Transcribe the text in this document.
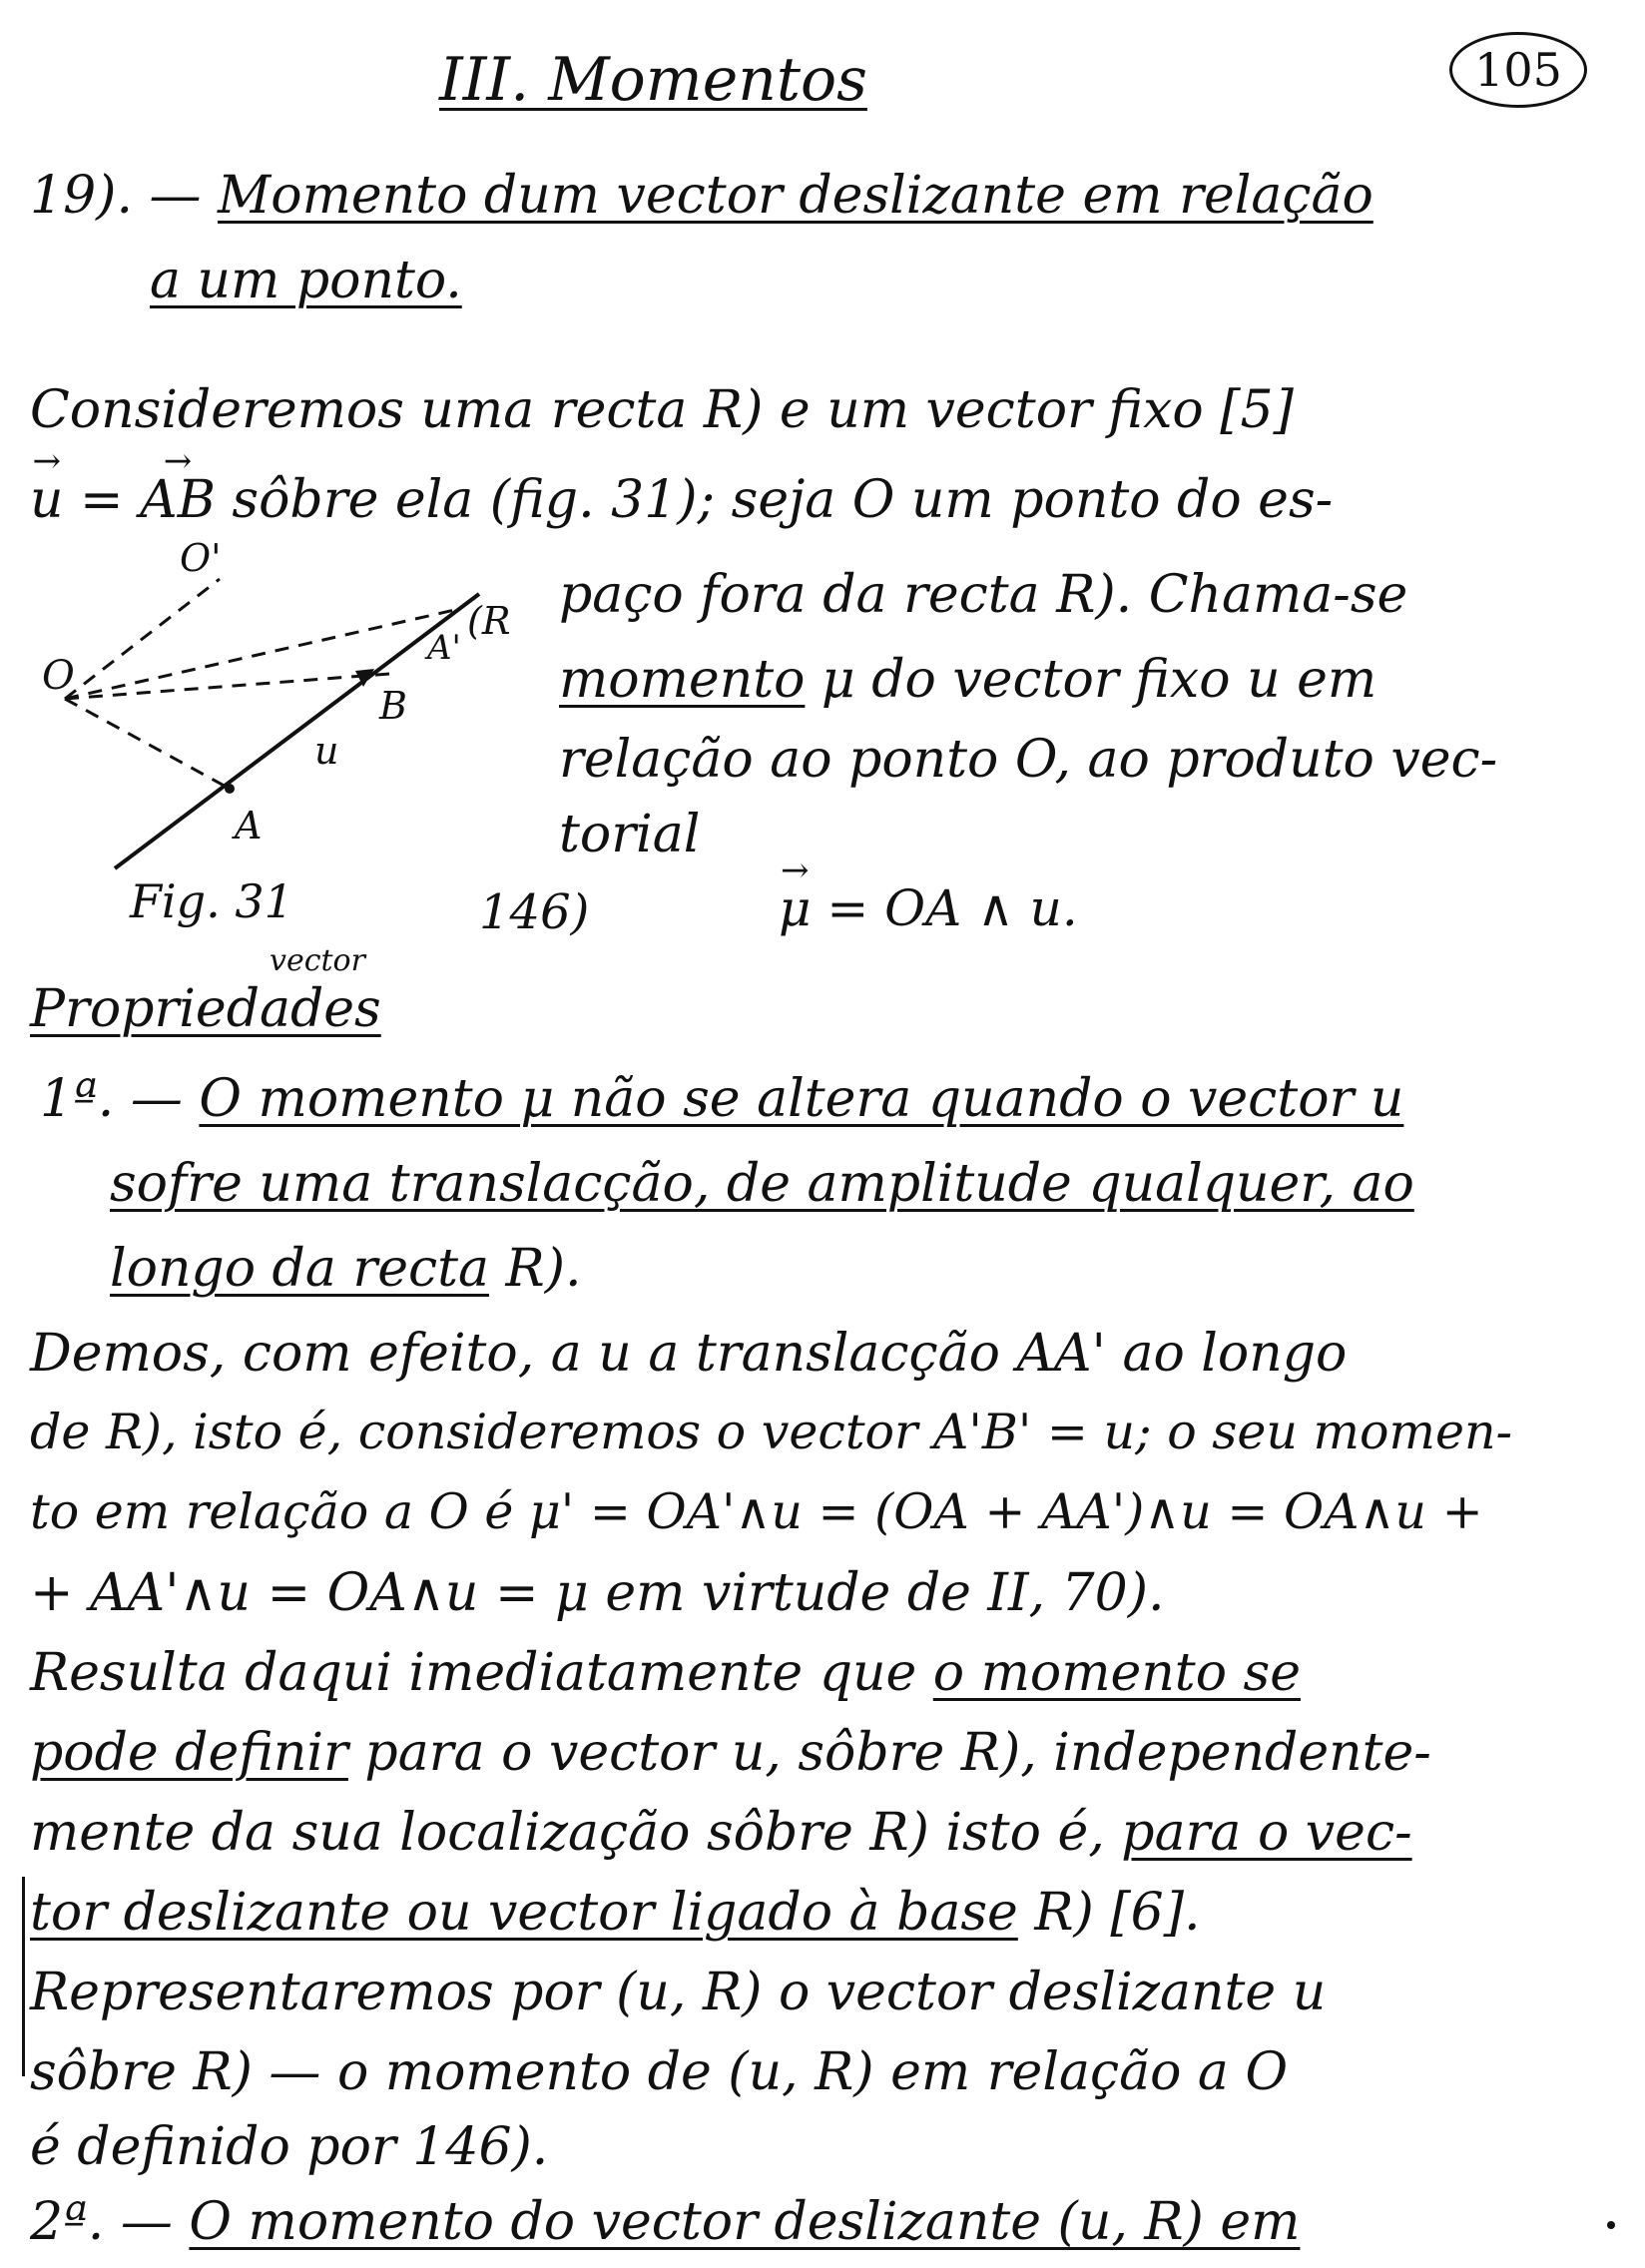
105
III. Momentos
19). — Momento dum vector deslizante em relação
a um ponto.
Consideremos uma recta R) e um vector fixo [5]
→ u = → AB sôbre ela (fig. 31); seja O um ponto do es-
paço fora da recta R). Chama-se
momento μ do vector fixo u em
relação ao ponto O, ao produto vec-
torial
O
O'
A
B
A'
(R
u
Fig. 31	146)
→	μ = OA ∧ u.
vector
Propriedades
1ª. — O momento μ não se altera quando o vector u
sofre uma translacção, de amplitude qualquer, ao
longo da recta R).
Demos, com efeito, a u a translacção AA' ao longo
de R), isto é, consideremos o vector A'B' = u; o seu momen-
to em relação a O é μ' = OA'∧u = (OA + AA')∧u = OA∧u +
+ AA'∧u = OA∧u = μ em virtude de II, 70).
Resulta daqui imediatamente que o momento se
pode definir para o vector u, sôbre R), independente-
mente da sua localização sôbre R) isto é, para o vec-
tor deslizante ou vector ligado à base R) [6].
Representaremos por (u, R) o vector deslizante u
sôbre R) — o momento de (u, R) em relação a O
é definido por 146).
2ª. — O momento do vector deslizante (u, R) em
